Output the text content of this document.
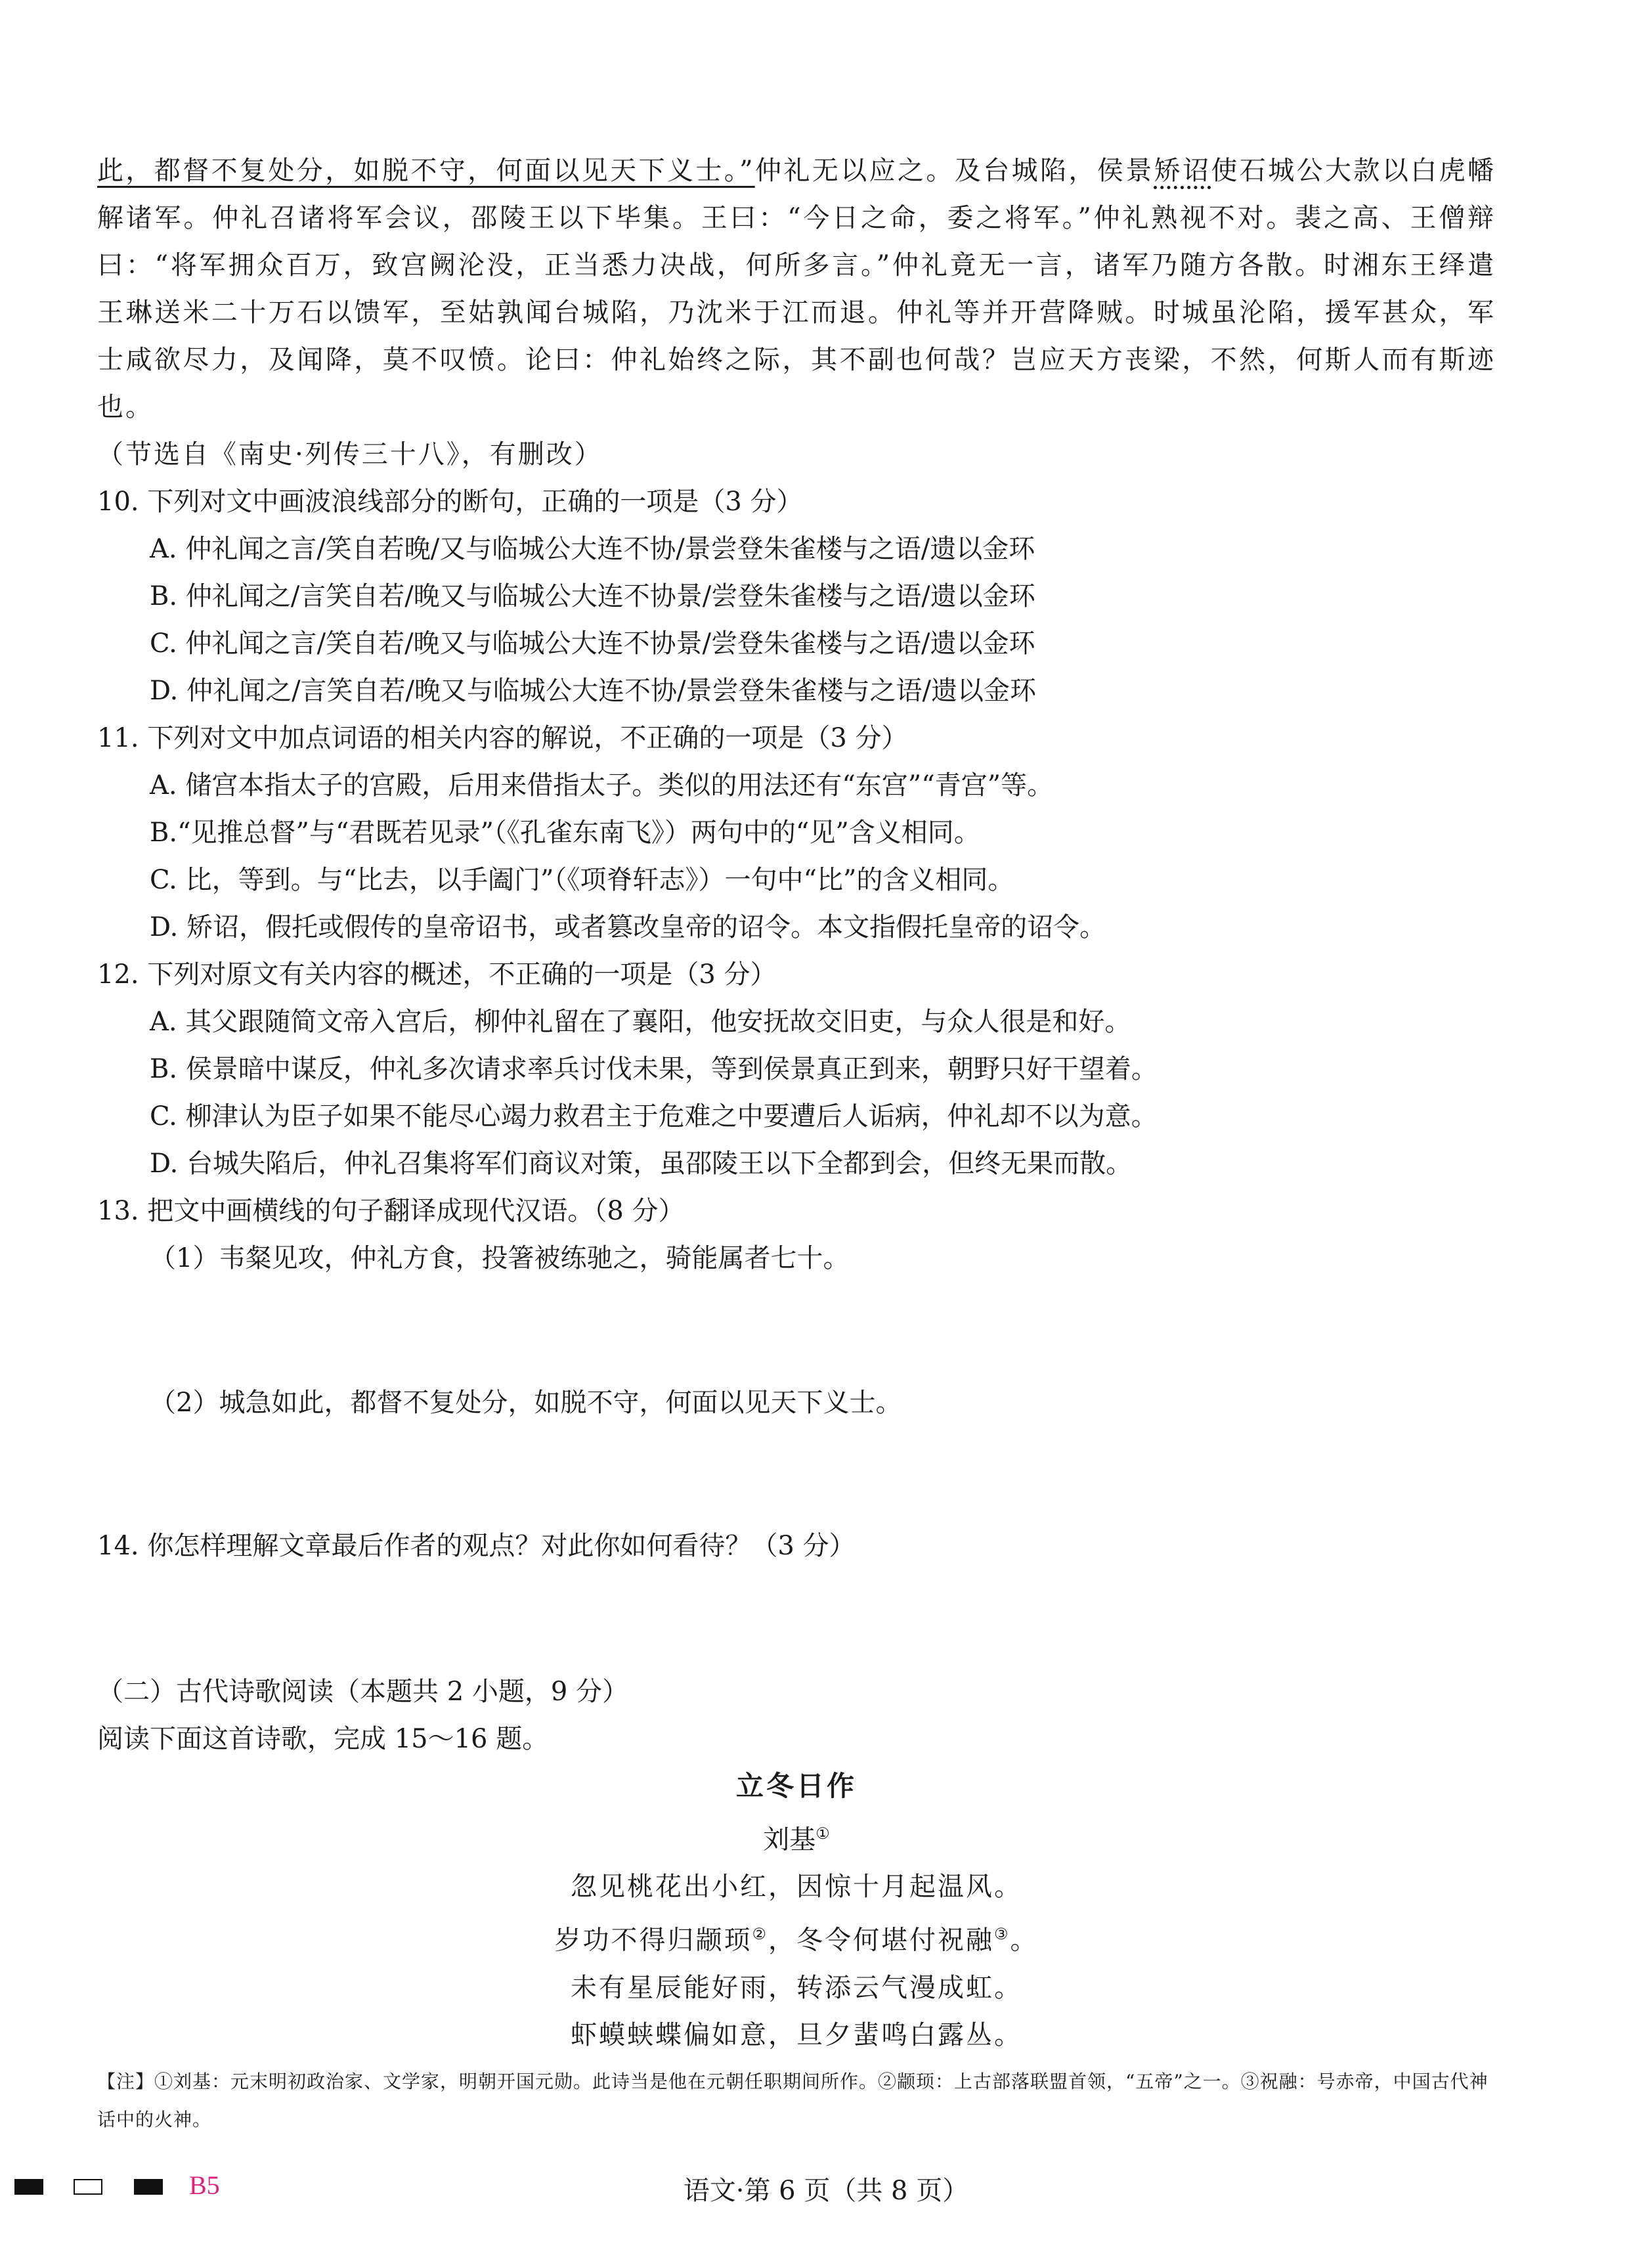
此，都督不复处分，如脱不守，何面以见天下义士。”仲礼无以应之。及台城陷，侯景矫诏使石城公大款以白虎幡解诸军。仲礼召诸将军会议，邵陵王以下毕集。王曰：“今日之命，委之将军。”仲礼熟视不对。裴之高、王僧辩曰：“将军拥众百万，致宫阙沦没，正当悉力决战，何所多言。”仲礼竟无一言，诸军乃随方各散。时湘东王绎遣王琳送米二十万石以馈军，至姑孰闻台城陷，乃沈米于江而退。仲礼等并开营降贼。时城虽沦陷，援军甚众，军士咸欲尽力，及闻降，莫不叹愤。论曰：仲礼始终之际，其不副也何哉？岂应天方丧梁，不然，何斯人而有斯迹也。

（节选自《南史·列传三十八》，有删改）

10. 下列对文中画波浪线部分的断句，正确的一项是（3 分）

A. 仲礼闻之言/笑自若晚/又与临城公大连不协/景尝登朱雀楼与之语/遗以金环

B. 仲礼闻之/言笑自若/晚又与临城公大连不协景/尝登朱雀楼与之语/遗以金环

C. 仲礼闻之言/笑自若/晚又与临城公大连不协景/尝登朱雀楼与之语/遗以金环

D. 仲礼闻之/言笑自若/晚又与临城公大连不协/景尝登朱雀楼与之语/遗以金环

11. 下列对文中加点词语的相关内容的解说，不正确的一项是（3 分）

A. 储宫本指太子的宫殿，后用来借指太子。类似的用法还有“东宫”“青宫”等。

B.“见推总督”与“君既若见录”（《孔雀东南飞》）两句中的“见”含义相同。

C. 比，等到。与“比去，以手阖门”（《项脊轩志》）一句中“比”的含义相同。

D. 矫诏，假托或假传的皇帝诏书，或者篡改皇帝的诏令。本文指假托皇帝的诏令。

12. 下列对原文有关内容的概述，不正确的一项是（3 分）

A. 其父跟随简文帝入宫后，柳仲礼留在了襄阳，他安抚故交旧吏，与众人很是和好。

B. 侯景暗中谋反，仲礼多次请求率兵讨伐未果，等到侯景真正到来，朝野只好干望着。

C. 柳津认为臣子如果不能尽心竭力救君主于危难之中要遭后人诟病，仲礼却不以为意。

D. 台城失陷后，仲礼召集将军们商议对策，虽邵陵王以下全都到会，但终无果而散。

13. 把文中画横线的句子翻译成现代汉语。（8 分）

（1）韦粲见攻，仲礼方食，投箸被练驰之，骑能属者七十。

（2）城急如此，都督不复处分，如脱不守，何面以见天下义士。

14. 你怎样理解文章最后作者的观点？对此你如何看待？（3 分）

（二）古代诗歌阅读（本题共 2 小题，9 分）

阅读下面这首诗歌，完成 15～16 题。

立冬日作

刘基①

忽见桃花出小红，因惊十月起温风。

岁功不得归颛顼②，冬令何堪付祝融③。

未有星辰能好雨，转添云气漫成虹。

虾蟆蛱蝶偏如意，旦夕蜚鸣白露丛。

【注】①刘基：元末明初政治家、文学家，明朝开国元勋。此诗当是他在元朝任职期间所作。②颛顼：上古部落联盟首领，“五帝”之一。③祝融：号赤帝，中国古代神话中的火神。

B5	语文·第 6 页（共 8 页）
